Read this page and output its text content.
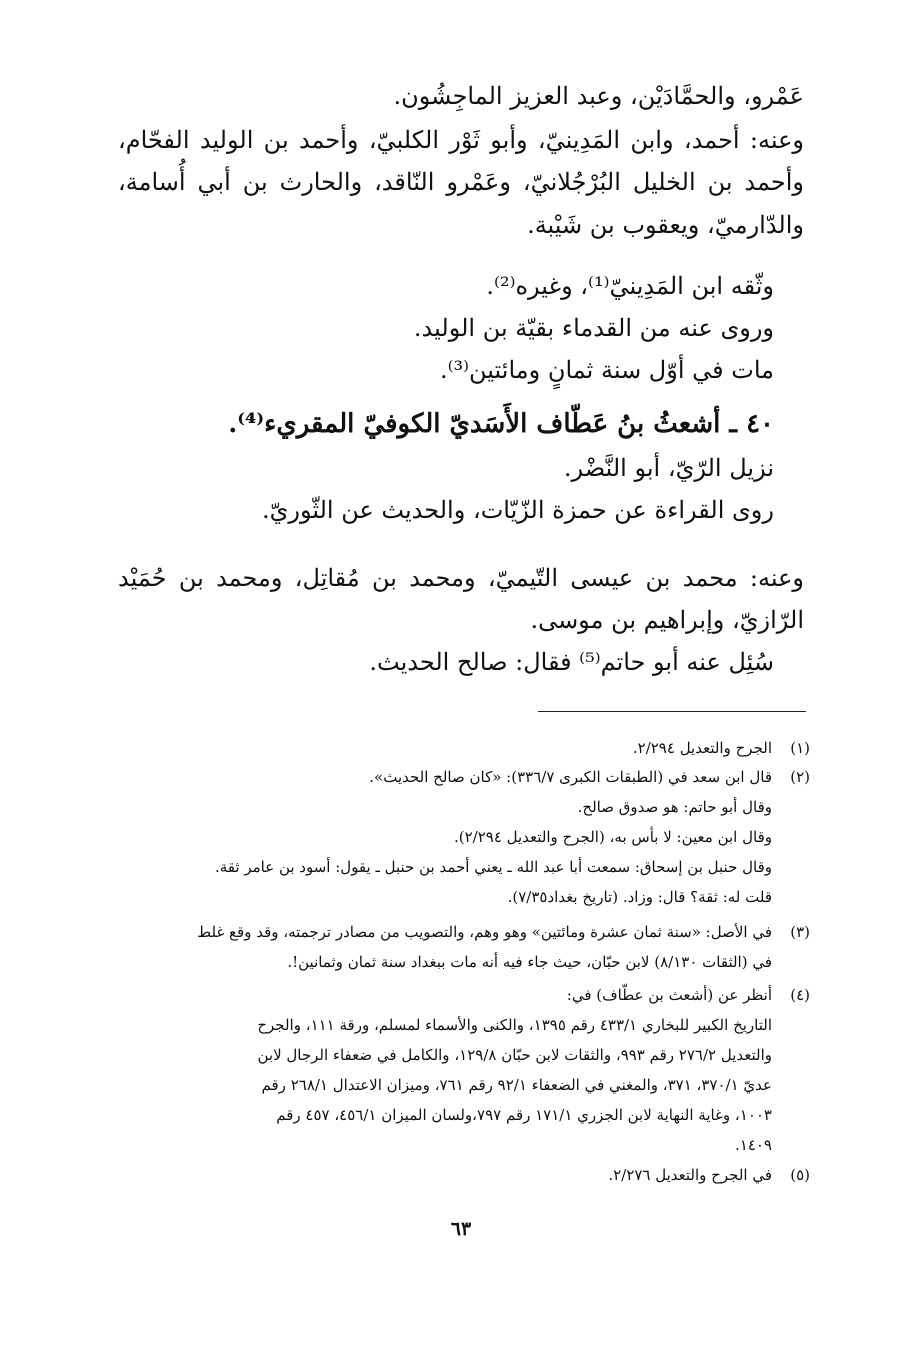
عَمْرو، والحمَّادَيْن، وعبد العزيز الماجِشُون.
وعنه: أحمد، وابن المَدِينيّ، وأبو ثَوْر الكلبيّ، وأحمد بن الوليد الفحّام،
وأحمد بن الخليل البُرْجُلانيّ، وعَمْرو النّاقد، والحارث بن أبي أُسامة،
والدّارميّ، ويعقوب بن شَيْبة.
وثّقه ابن المَدِينيّ⁽¹⁾، وغيره⁽²⁾.
وروى عنه من القدماء بقيّة بن الوليد.
مات في أوّل سنة ثمانٍ ومائتين⁽³⁾.
٤٠ ـ أشعثُ بنُ عَطّاف الأَسَديّ الكوفيّ المقريء⁽⁴⁾.
نزيل الرّيّ، أبو النَّضْر.
روى القراءة عن حمزة الزّيّات، والحديث عن الثّوريّ.
وعنه: محمد بن عيسى التّيميّ، ومحمد بن مُقاتِل، ومحمد بن حُمَيْد
الرّازيّ، وإبراهيم بن موسى.
سُئِل عنه أبو حاتم⁽⁵⁾ فقال: صالح الحديث.
(١)الجرح والتعديل ٢/٢٩٤.
(٢)قال ابن سعد في (الطبقات الكبرى ٣٣٦/٧): «كان صالح الحديث».
وقال أبو حاتم: هو صدوق صالح.
وقال ابن معين: لا بأس به، (الجرح والتعديل ٢/٢٩٤).
وقال حنبل بن إسحاق: سمعت أبا عبد الله ـ يعني أحمد بن حنبل ـ يقول: أسود بن عامر ثقة.
قلت له: ثقة؟ قال: وزاد. (تاريخ بغداد٧/٣٥).
(٣)في الأصل: «سنة ثمان عشرة ومائتين» وهو وهم، والتصويب من مصادر ترجمته، وقد وقع غلط
في (الثقات ٨/١٣٠) لابن حبّان، حيث جاء فيه أنه مات ببغداد سنة ثمان وثمانين!.
(٤)أنظر عن (أشعث بن عطّاف) في:
التاريخ الكبير للبخاري ٤٣٣/١ رقم ١٣٩٥، والكنى والأسماء لمسلم، ورقة ١١١، والجرح
والتعديل ٢٧٦/٢ رقم ٩٩٣، والثقات لابن حبّان ١٢٩/٨، والكامل في ضعفاء الرجال لابن
عديّ ٣٧٠/١، ٣٧١، والمغني في الضعفاء ٩٢/١ رقم ٧٦١، وميزان الاعتدال ٢٦٨/١ رقم
١٠٠٣، وغاية النهاية لابن الجزري ١٧١/١ رقم ٧٩٧،ولسان الميزان ٤٥٦/١، ٤٥٧ رقم
١٤٠٩.
(٥)في الجرح والتعديل ٢/٢٧٦.
٦٣
